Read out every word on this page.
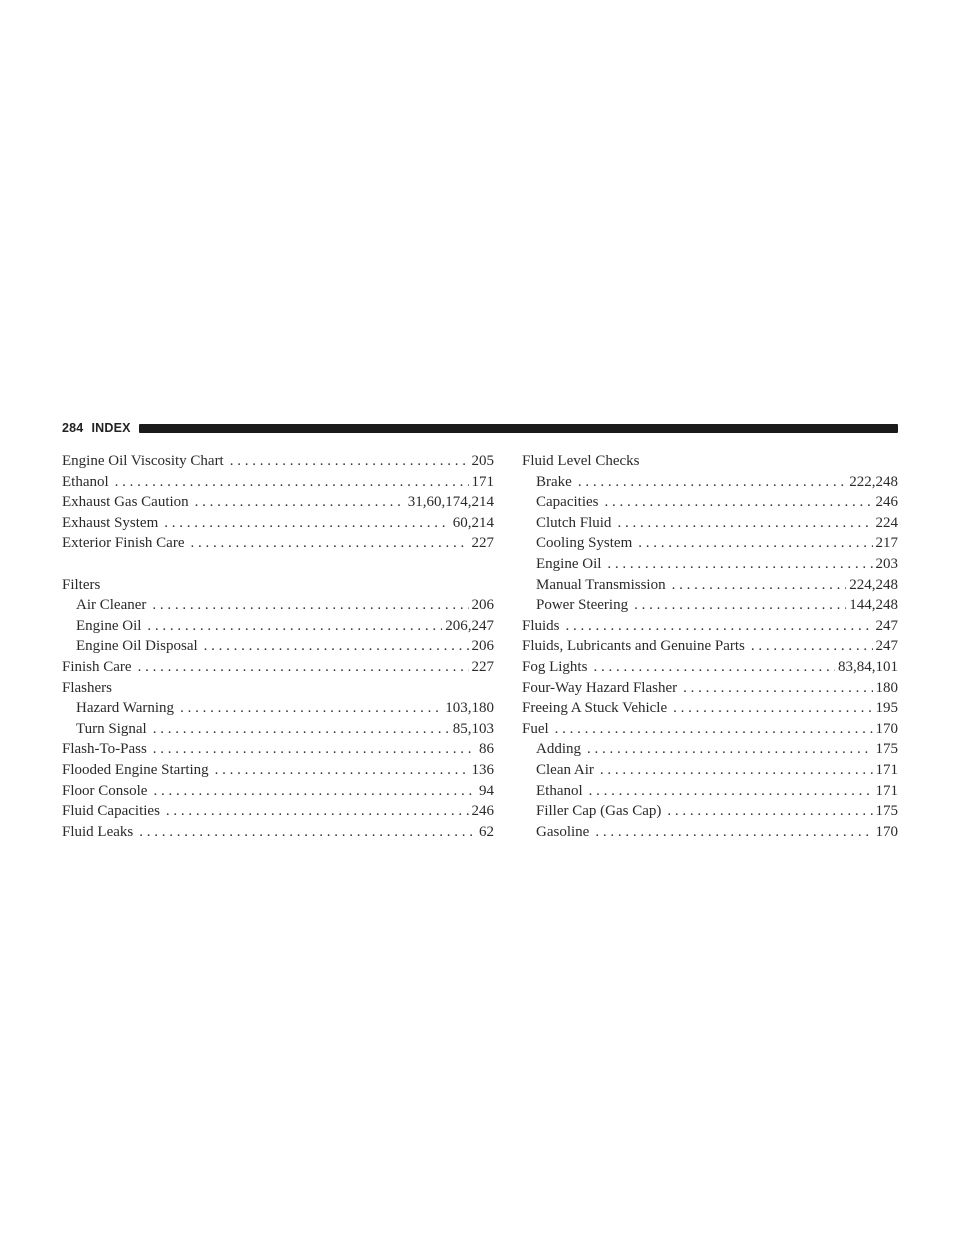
284 INDEX
Engine Oil Viscosity Chart . . .	205
Ethanol . . .	171
Exhaust Gas Caution . . .	31,60,174,214
Exhaust System . . .	60,214
Exterior Finish Care . . .	227
Filters
Air Cleaner . . .	206
Engine Oil . . .	206,247
Engine Oil Disposal . . .	206
Finish Care . . .	227
Flashers
Hazard Warning . . .	103,180
Turn Signal . . .	85,103
Flash-To-Pass . . .	86
Flooded Engine Starting . . .	136
Floor Console . . .	94
Fluid Capacities . . .	246
Fluid Leaks . . .	62
Fluid Level Checks
Brake . . .	222,248
Capacities . . .	246
Clutch Fluid . . .	224
Cooling System . . .	217
Engine Oil . . .	203
Manual Transmission . . .	224,248
Power Steering . . .	144,248
Fluids . . .	247
Fluids, Lubricants and Genuine Parts . . .	247
Fog Lights . . .	83,84,101
Four-Way Hazard Flasher . . .	180
Freeing A Stuck Vehicle . . .	195
Fuel . . .	170
Adding . . .	175
Clean Air . . .	171
Ethanol . . .	171
Filler Cap (Gas Cap) . . .	175
Gasoline . . .	170
